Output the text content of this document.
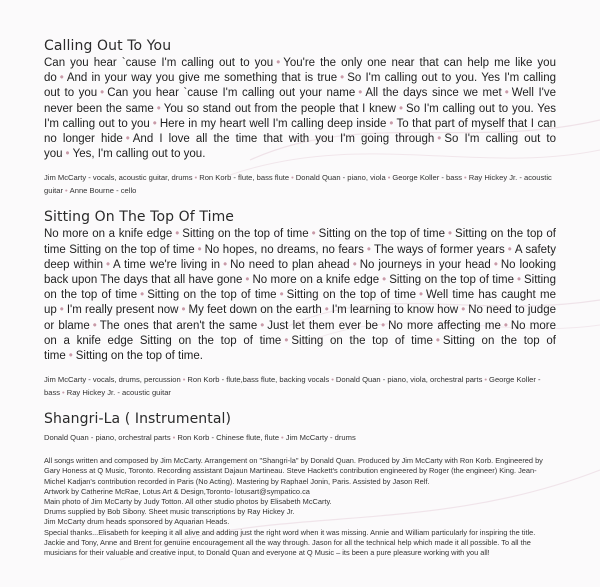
Calling Out To You

Can you hear `cause I'm calling out to you • You're the only one near that can help me like you do • And in your way you give me something that is true • So I'm calling out to you. Yes I'm calling out to you • Can you hear `cause I'm calling out your name • All the days since we met • Well I've never been the same • You so stand out from the people that I knew • So I'm calling out to you. Yes I'm calling out to you • Here in my heart well I'm calling deep inside • To that part of myself that I can no longer hide • And I love all the time that with you I'm going through • So I'm calling out to you • Yes, I'm calling out to you.

Jim McCarty - vocals, acoustic guitar, drums • Ron Korb - flute, bass flute • Donald Quan - piano, viola • George Koller - bass • Ray Hickey Jr. - acoustic guitar • Anne Bourne - cello

Sitting On The Top Of Time

No more on a knife edge • Sitting on the top of time • Sitting on the top of time • Sitting on the top of time Sitting on the top of time • No hopes, no dreams, no fears • The ways of former years • A safety deep within • A time we're living in • No need to plan ahead • No journeys in your head • No looking back upon The days that all have gone • No more on a knife edge • Sitting on the top of time • Sitting on the top of time • Sitting on the top of time • Sitting on the top of time • Well time has caught me up • I'm really present now • My feet down on the earth • I'm learning to know how • No need to judge or blame • The ones that aren't the same • Just let them ever be • No more affecting me • No more on a knife edge Sitting on the top of time • Sitting on the top of time • Sitting on the top of time • Sitting on the top of time.

Jim McCarty - vocals, drums, percussion • Ron Korb - flute,bass flute, backing vocals • Donald Quan - piano, viola, orchestral parts • George Koller - bass • Ray Hickey Jr. - acoustic guitar

Shangri-La ( Instrumental)

Donald Quan - piano, orchestral parts • Ron Korb - Chinese flute, flute • Jim McCarty - drums

All songs written and composed by Jim McCarty. Arrangement on "Shangri-la" by Donald Quan. Produced by Jim McCarty with Ron Korb. Engineered by Gary Honess at Q Music, Toronto. Recording assistant Dajaun Martineau. Steve Hackett's contribution engineered by Roger (the engineer) King. Jean-Michel Kadjan's contribution recorded in Paris (No Acting). Mastering by Raphael Jonin, Paris. Assisted by Jason Relf.

Artwork by Catherine McRae, Lotus Art & Design,Toronto- lotusart@sympatico.ca

Main photo of Jim McCarty by Judy Totton. All other studio photos by Elisabeth McCarty.

Drums supplied by Bob Sibony. Sheet music transcriptions by Ray Hickey Jr.

Jim McCarty drum heads sponsored by Aquarian Heads.

Special thanks...Elisabeth for keeping it all alive and adding just the right word when it was missing. Annie and William particularly for inspiring the title. Jackie and Tony, Anne and Brent for genuine encouragement all the way through. Jason for all the technical help which made it all possible. To all the musicians for their valuable and creative input, to Donald Quan and everyone at Q Music – its been a pure pleasure working with you all!
